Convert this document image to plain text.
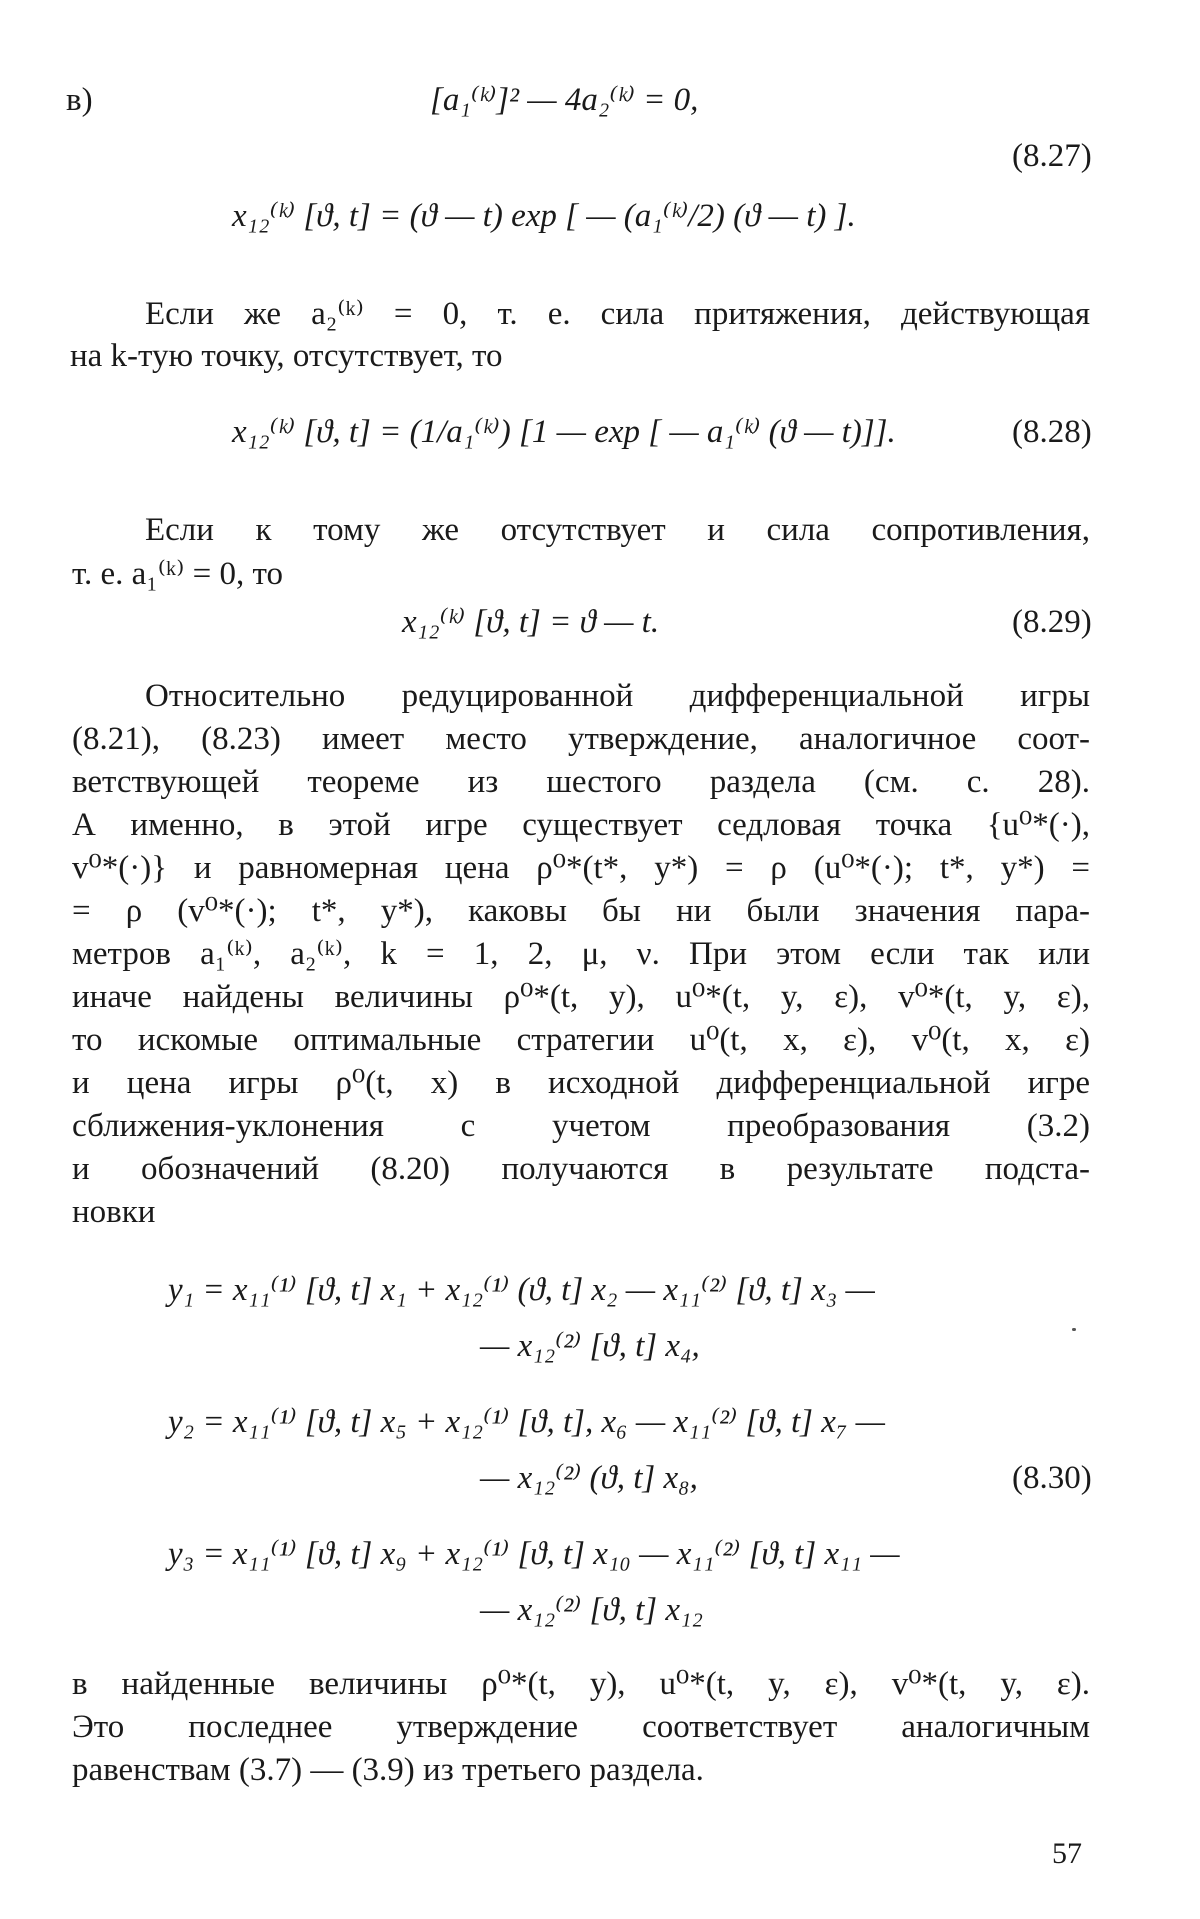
в)	[a₁⁽ᵏ⁾]² — 4a₂⁽ᵏ⁾ = 0,
(8.27)
x₁₂⁽ᵏ⁾ [ϑ, t] = (ϑ — t) exp [ — (a₁⁽ᵏ⁾/2) (ϑ — t) ].
Если же a₂⁽ᵏ⁾ = 0, т. е. сила притяжения, действующая
на k-тую точку, отсутствует, то
x₁₂⁽ᵏ⁾ [ϑ, t] = (1/a₁⁽ᵏ⁾) [1 — exp [ — a₁⁽ᵏ⁾ (ϑ — t)]].	(8.28)
Если к тому же отсутствует и сила сопротивления,
т. е. a₁⁽ᵏ⁾ = 0, то
x₁₂⁽ᵏ⁾ [ϑ, t] = ϑ — t.	(8.29)
Относительно редуцированной дифференциальной игры
(8.21), (8.23) имеет место утверждение, аналогичное соот-
ветствующей теореме из шестого раздела (см. с. 28).
А именно, в этой игре существует седловая точка {u⁰*(·),
v⁰*(·)} и равномерная цена ρ⁰*(t*, y*) = ρ (u⁰*(·); t*, y*) =
= ρ (v⁰*(·); t*, y*), каковы бы ни были значения пара-
метров a₁⁽ᵏ⁾, a₂⁽ᵏ⁾, k = 1, 2, μ, ν. При этом если так или
иначе найдены величины ρ⁰*(t, y), u⁰*(t, y, ε), v⁰*(t, y, ε),
то искомые оптимальные стратегии u⁰(t, x, ε), v⁰(t, x, ε)
и цена игры ρ⁰(t, x) в исходной дифференциальной игре
сближения-уклонения с учетом преобразования (3.2)
и обозначений (8.20) получаются в результате подста-
новки
y₁ = x₁₁⁽¹⁾ [ϑ, t] x₁ + x₁₂⁽¹⁾ (ϑ, t] x₂ — x₁₁⁽²⁾ [ϑ, t] x₃ —
— x₁₂⁽²⁾ [ϑ, t] x₄,
y₂ = x₁₁⁽¹⁾ [ϑ, t] x₅ + x₁₂⁽¹⁾ [ϑ, t], x₆ — x₁₁⁽²⁾ [ϑ, t] x₇ —
— x₁₂⁽²⁾ (ϑ, t] x₈,	(8.30)
y₃ = x₁₁⁽¹⁾ [ϑ, t] x₉ + x₁₂⁽¹⁾ [ϑ, t] x₁₀ — x₁₁⁽²⁾ [ϑ, t] x₁₁ —
— x₁₂⁽²⁾ [ϑ, t] x₁₂
в найденные величины ρ⁰*(t, y), u⁰*(t, y, ε), v⁰*(t, y, ε).
Это последнее утверждение соответствует аналогичным
равенствам (3.7) — (3.9) из третьего раздела.
57
